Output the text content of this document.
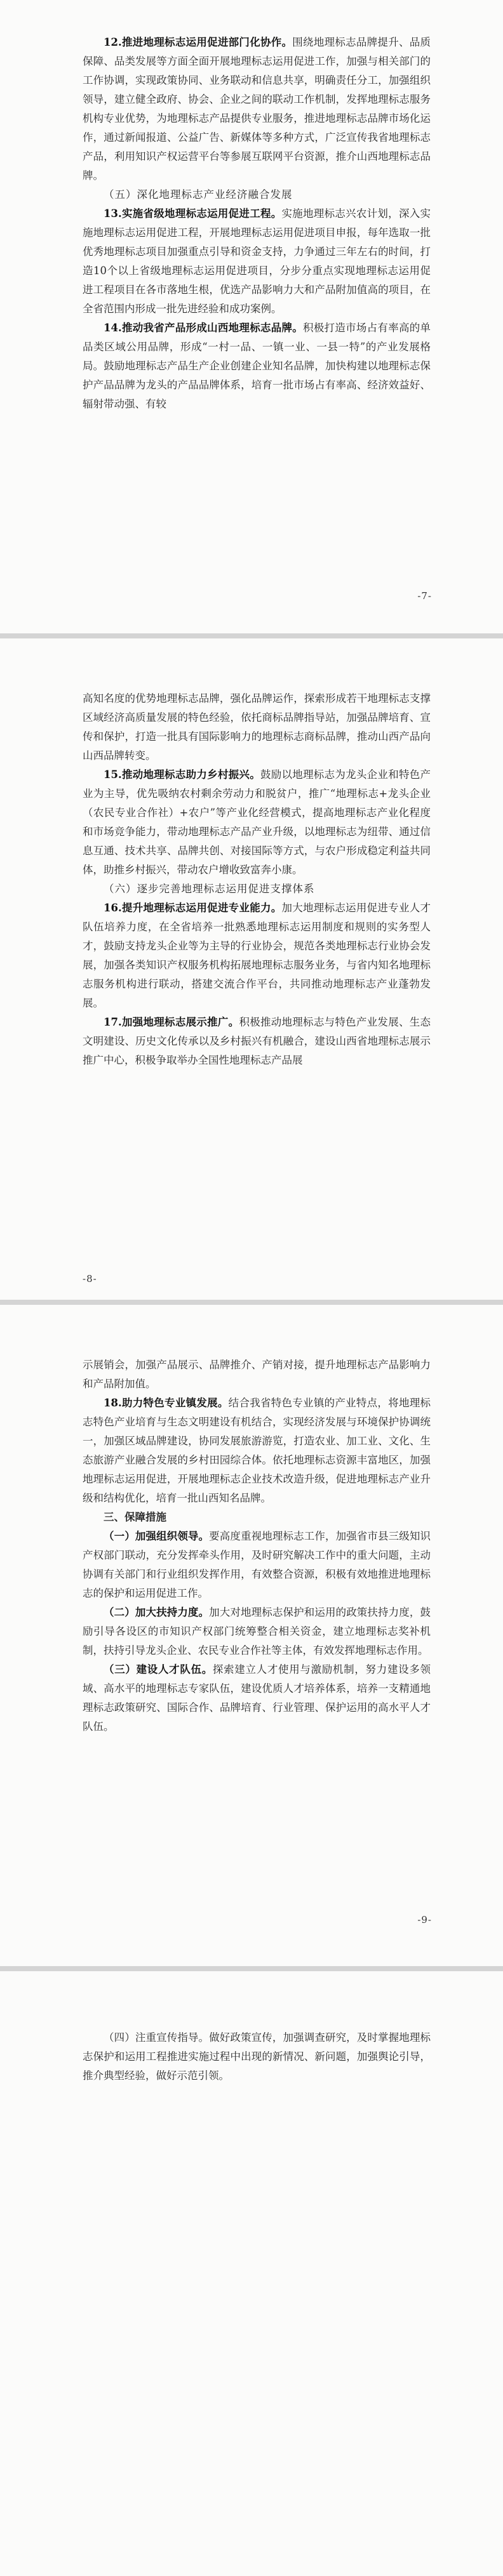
12.推进地理标志运用促进部门化协作。围绕地理标志品牌提升、品质保障、品类发展等方面全面开展地理标志运用促进工作，加强与相关部门的工作协调，实现政策协同、业务联动和信息共享，明确责任分工，加强组织领导，建立健全政府、协会、企业之间的联动工作机制，发挥地理标志服务机构专业优势，为地理标志产品提供专业服务，推进地理标志品牌市场化运作，通过新闻报道、公益广告、新媒体等多种方式，广泛宣传我省地理标志产品，利用知识产权运营平台等参展互联网平台资源，推介山西地理标志品牌。

（五）深化地理标志产业经济融合发展

13.实施省级地理标志运用促进工程。实施地理标志兴农计划，深入实施地理标志运用促进工程，开展地理标志运用促进项目申报，每年选取一批优秀地理标志项目加强重点引导和资金支持，力争通过三年左右的时间，打造10个以上省级地理标志运用促进项目，分步分重点实现地理标志运用促进工程项目在各市落地生根，优选产品影响力大和产品附加值高的项目，在全省范围内形成一批先进经验和成功案例。

14.推动我省产品形成山西地理标志品牌。积极打造市场占有率高的单品类区域公用品牌，形成“一村一品、一镇一业、一县一特”的产业发展格局。鼓励地理标志产品生产企业创建企业知名品牌，加快构建以地理标志保护产品品牌为龙头的产品品牌体系，培育一批市场占有率高、经济效益好、辐射带动强、有较

-7-

高知名度的优势地理标志品牌，强化品牌运作，探索形成若干地理标志支撑区域经济高质量发展的特色经验，依托商标品牌指导站，加强品牌培育、宣传和保护，打造一批具有国际影响力的地理标志商标品牌，推动山西产品向山西品牌转变。

15.推动地理标志助力乡村振兴。鼓励以地理标志为龙头企业和特色产业为主导，优先吸纳农村剩余劳动力和脱贫户，推广“地理标志+龙头企业（农民专业合作社）+农户”等产业化经营模式，提高地理标志产业化程度和市场竞争能力，带动地理标志产品产业升级，以地理标志为纽带、通过信息互通、技术共享、品牌共创、对接国际等方式，与农户形成稳定利益共同体，助推乡村振兴，带动农户增收致富奔小康。

（六）逐步完善地理标志运用促进支撑体系

16.提升地理标志运用促进专业能力。加大地理标志运用促进专业人才队伍培养力度，在全省培养一批熟悉地理标志运用制度和规则的实务型人才，鼓励支持龙头企业等为主导的行业协会，规范各类地理标志行业协会发展，加强各类知识产权服务机构拓展地理标志服务业务，与省内知名地理标志服务机构进行联动，搭建交流合作平台，共同推动地理标志产业蓬勃发展。

17.加强地理标志展示推广。积极推动地理标志与特色产业发展、生态文明建设、历史文化传承以及乡村振兴有机融合，建设山西省地理标志展示推广中心，积极争取举办全国性地理标志产品展

-8-

示展销会，加强产品展示、品牌推介、产销对接，提升地理标志产品影响力和产品附加值。

18.助力特色专业镇发展。结合我省特色专业镇的产业特点，将地理标志特色产业培育与生态文明建设有机结合，实现经济发展与环境保护协调统一，加强区域品牌建设，协同发展旅游游览，打造农业、加工业、文化、生态旅游产业融合发展的乡村田园综合体。依托地理标志资源丰富地区，加强地理标志运用促进，开展地理标志企业技术改造升级，促进地理标志产业升级和结构优化，培育一批山西知名品牌。

三、保障措施

（一）加强组织领导。要高度重视地理标志工作，加强省市县三级知识产权部门联动，充分发挥牵头作用，及时研究解决工作中的重大问题，主动协调有关部门和行业组织发挥作用，有效整合资源，积极有效地推进地理标志的保护和运用促进工作。

（二）加大扶持力度。加大对地理标志保护和运用的政策扶持力度，鼓励引导各设区的市知识产权部门统筹整合相关资金，建立地理标志奖补机制，扶持引导龙头企业、农民专业合作社等主体，有效发挥地理标志作用。

（三）建设人才队伍。探索建立人才使用与激励机制，努力建设多领域、高水平的地理标志专家队伍，建设优质人才培养体系，培养一支精通地理标志政策研究、国际合作、品牌培育、行业管理、保护运用的高水平人才队伍。

-9-

（四）注重宣传指导。做好政策宣传，加强调查研究，及时掌握地理标志保护和运用工程推进实施过程中出现的新情况、新问题，加强舆论引导，推介典型经验，做好示范引领。
